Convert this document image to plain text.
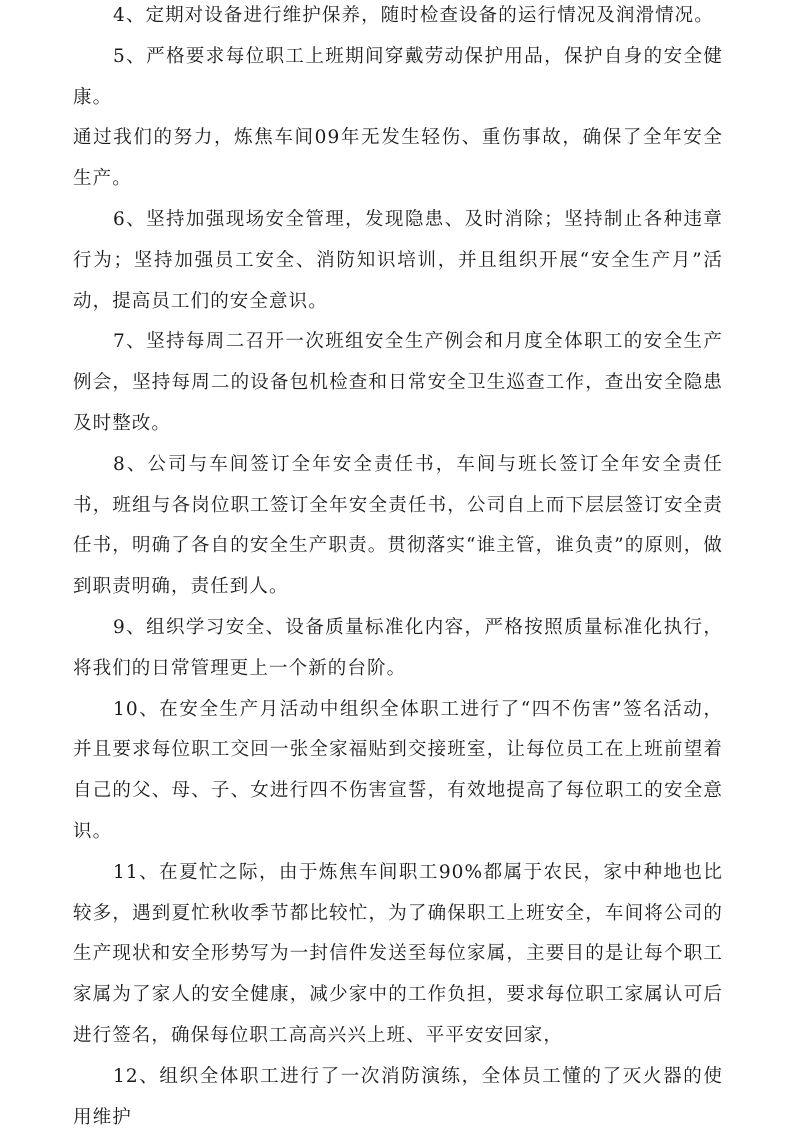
4、定期对设备进行维护保养，随时检查设备的运行情况及润滑情况。

5、严格要求每位职工上班期间穿戴劳动保护用品，保护自身的安全健康。

通过我们的努力，炼焦车间09年无发生轻伤、重伤事故，确保了全年安全生产。

6、坚持加强现场安全管理，发现隐患、及时消除；坚持制止各种违章行为；坚持加强员工安全、消防知识培训，并且组织开展“安全生产月”活动，提高员工们的安全意识。

7、坚持每周二召开一次班组安全生产例会和月度全体职工的安全生产例会，坚持每周二的设备包机检查和日常安全卫生巡查工作，查出安全隐患及时整改。

8、公司与车间签订全年安全责任书，车间与班长签订全年安全责任书，班组与各岗位职工签订全年安全责任书，公司自上而下层层签订安全责任书，明确了各自的安全生产职责。贯彻落实“谁主管，谁负责”的原则，做到职责明确，责任到人。

9、组织学习安全、设备质量标准化内容，严格按照质量标准化执行，将我们的日常管理更上一个新的台阶。

10、在安全生产月活动中组织全体职工进行了“四不伤害”签名活动，并且要求每位职工交回一张全家福贴到交接班室，让每位员工在上班前望着自己的父、母、子、女进行四不伤害宣誓，有效地提高了每位职工的安全意识。

11、在夏忙之际，由于炼焦车间职工90%都属于农民，家中种地也比较多，遇到夏忙秋收季节都比较忙，为了确保职工上班安全，车间将公司的生产现状和安全形势写为一封信件发送至每位家属，主要目的是让每个职工家属为了家人的安全健康，减少家中的工作负担，要求每位职工家属认可后进行签名，确保每位职工高高兴兴上班、平平安安回家，

12、组织全体职工进行了一次消防演练，全体员工懂的了灭火器的使用维护
